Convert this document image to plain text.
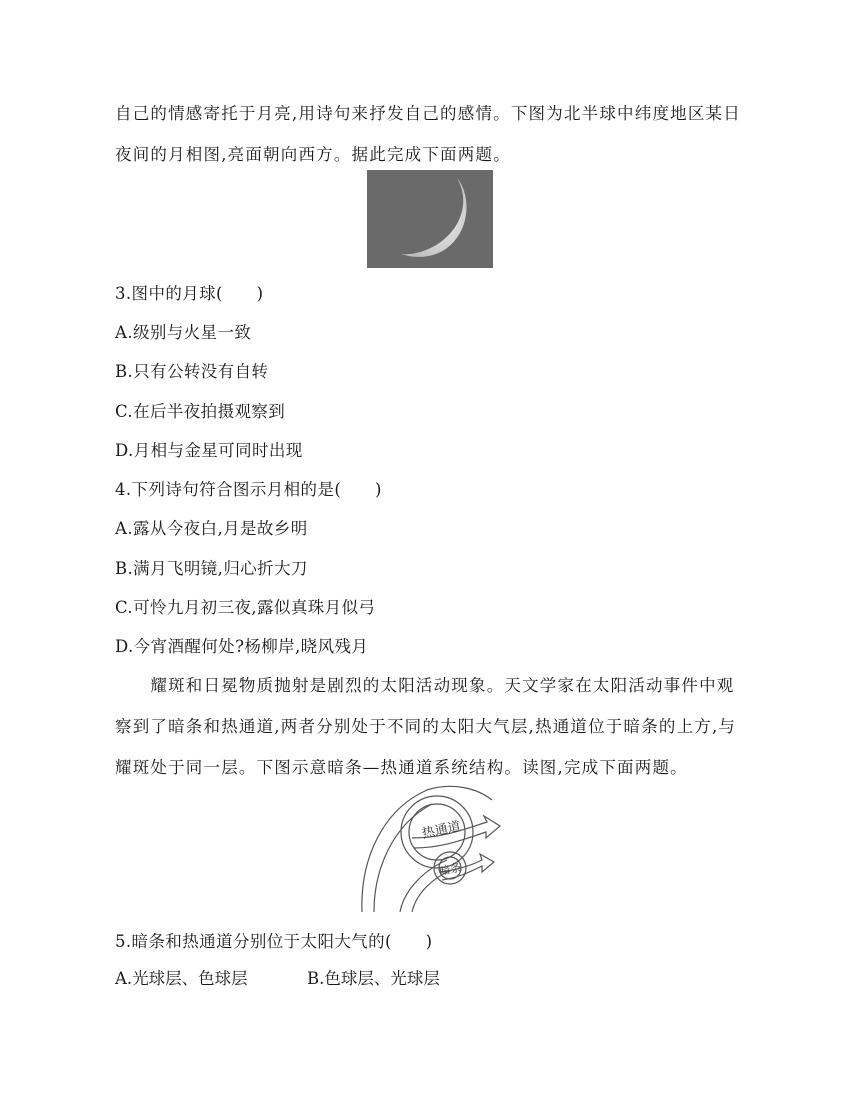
自己的情感寄托于月亮,用诗句来抒发自己的感情。下图为北半球中纬度地区某日
夜间的月相图,亮面朝向西方。据此完成下面两题。
3.图中的月球(　　)
A.级别与火星一致
B.只有公转没有自转
C.在后半夜拍摄观察到
D.月相与金星可同时出现
4.下列诗句符合图示月相的是(　　)
A.露从今夜白,月是故乡明
B.满月飞明镜,归心折大刀
C.可怜九月初三夜,露似真珠月似弓
D.今宵酒醒何处?杨柳岸,晓风残月
　　耀斑和日冕物质抛射是剧烈的太阳活动现象。天文学家在太阳活动事件中观
察到了暗条和热通道,两者分别处于不同的太阳大气层,热通道位于暗条的上方,与
耀斑处于同一层。下图示意暗条—热通道系统结构。读图,完成下面两题。
热通道
暗条
5.暗条和热通道分别位于太阳大气的(　　)
A.光球层、色球层	B.色球层、光球层
